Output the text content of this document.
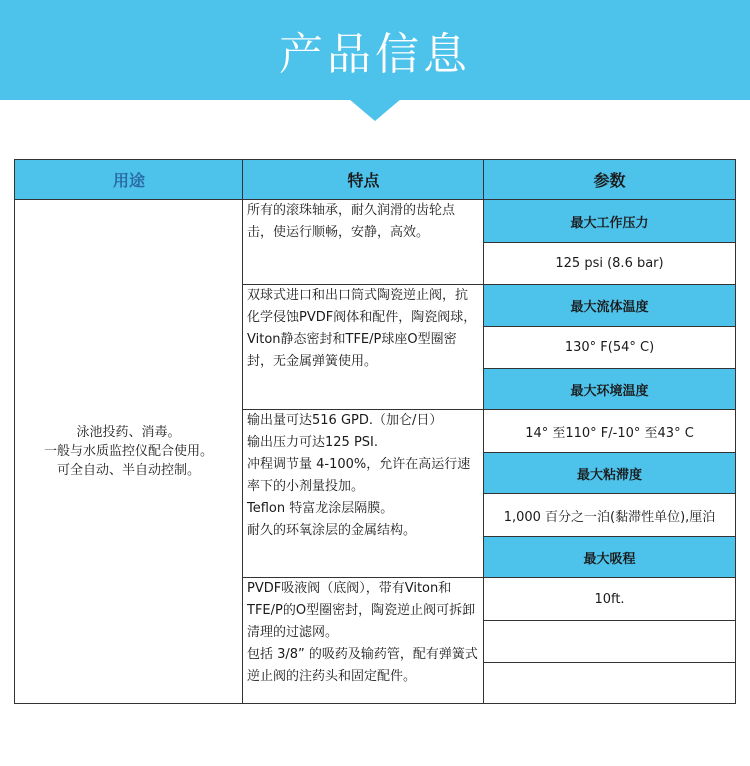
产品信息
用途	特点	参数
泳池投药、消毒。
一般与水质监控仪配合使用。
可全自动、半自动控制。

所有的滚珠轴承，耐久润滑的齿轮点击，使运行顺畅，安静，高效。

双球式进口和出口筒式陶瓷逆止阀，抗化学侵蚀PVDF阀体和配件，陶瓷阀球，Viton静态密封和TFE/P球座O型圈密封，无金属弹簧使用。

输出量可达516 GPD.（加仑/日）

输出压力可达125 PSI.

冲程调节量 4-100%，允许在高运行速率下的小剂量投加。

Teflon 特富龙涂层隔膜。

耐久的环氧涂层的金属结构。

PVDF吸液阀（底阀），带有Viton和TFE/P的O型圈密封，陶瓷逆止阀可拆卸清理的过滤网。

包括 3/8” 的吸药及输药管，配有弹簧式逆止阀的注药头和固定配件。

最大工作压力
125 psi (8.6 bar)
最大流体温度
130° F(54° C)
最大环境温度
14° 至110° F/-10° 至43° C
最大粘滞度
1,000 百分之一泊(黏滞性单位),厘泊
最大吸程
10ft.
